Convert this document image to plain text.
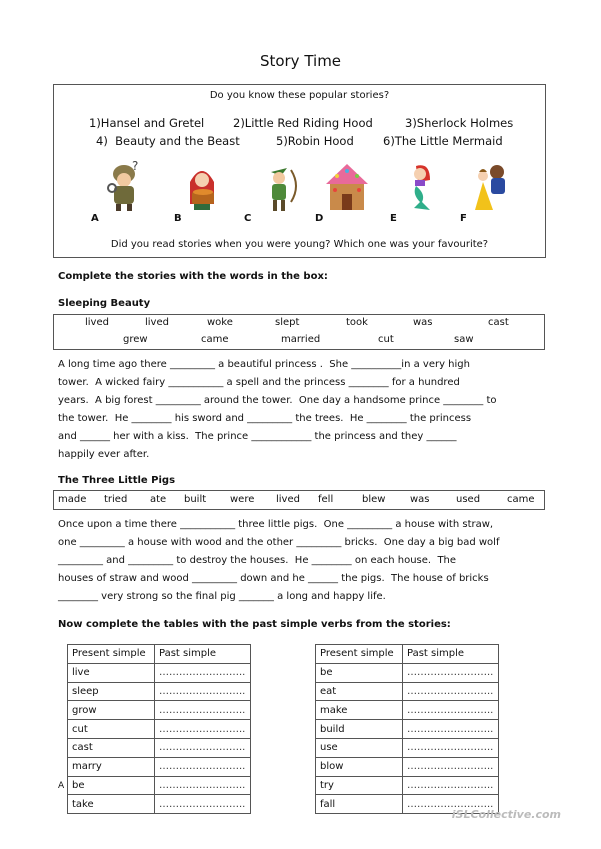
Story Time
Do you know these popular stories?
1)Hansel and Gretel	2)Little Red Riding Hood	3)Sherlock Holmes
4)  Beauty and the Beast	5)Robin Hood	6)The Little Mermaid
?
A	B	C	D	E	F
Did you read stories when you were young? Which one was your favourite?
Complete the stories with the words in the box:
Sleeping Beauty
lived	lived	woke	slept	took	was	cast
grew	came	married	cut	saw
A long time ago there _________ a beautiful princess .  She __________in a very high
tower.  A wicked fairy ___________ a spell and the princess ________ for a hundred
years.  A big forest _________ around the tower.  One day a handsome prince ________ to
the tower.  He ________ his sword and _________ the trees.  He ________ the princess
and ______ her with a kiss.  The prince ____________ the princess and they ______
happily ever after.
The Three Little Pigs
made tried ate built were lived fell	blew was	used	came
Once upon a time there ___________ three little pigs.  One _________ a house with straw,
one _________ a house with wood and the other _________ bricks.  One day a big bad wolf
_________ and _________ to destroy the houses.  He ________ on each house.  The
houses of straw and wood _________ down and he ______ the pigs.  The house of bricks
________ very strong so the final pig _______ a long and happy life.
Now complete the tables with the past simple verbs from the stories:
Present simple	Past simple
live	……………………..
sleep	……………………..
grow	……………………..
cut	……………………..
cast	……………………..
marry	……………………..
be	……………………..
take	……………………..
Present simple	Past simple
be	……………………..
eat	……………………..
make	……………………..
build	……………………..
use	……………………..
blow	……………………..
try	……………………..
fall	……………………..
A
iSLCollective.com
